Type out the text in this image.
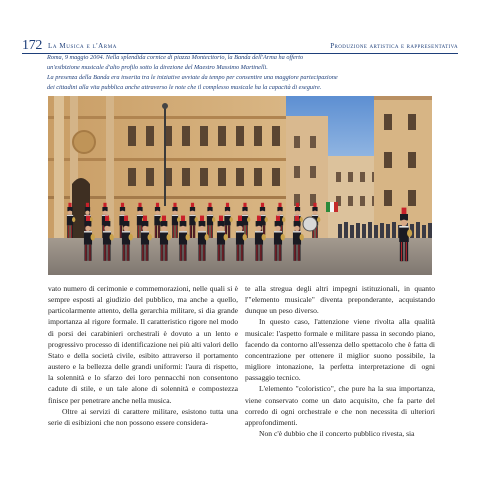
172 La Musica e l'Arma	Produzione artistica e rappresentativa

Roma, 9 maggio 2004. Nella splendida cornice di piazza Montecitorio, la Banda dell'Arma ha offerto

un'esibizione musicale d'alto profilo sotto la direzione del Maestro Massimo Martinelli.

La presenza della Banda era inserita tra le iniziative avviate da tempo per consentire una maggiore partecipazione

dei cittadini alla vita pubblica anche attraverso le note che il complesso musicale ha la capacità di eseguire.

vato numero di cerimonie e commemorazioni, nelle quali si è sempre esposti al giudizio del pubblico, ma anche a quello, particolarmente attento, della gerarchia militare, si dia grande importanza al rigore formale. Il caratteristico rigore nel modo di porsi dei carabinieri orchestrali è dovuto a un lento e progressivo processo di identificazione nei più alti valori dello Stato e della società civile, esibito attraverso il portamento austero e la bellezza delle grandi uniformi: l'aura di rispetto, la solennità e lo sfarzo dei loro pennacchi non consentono cadute di stile, e un tale alone di solennità e compostezza finisce per penetrare anche nella musica.

Oltre ai servizi di carattere militare, esistono tutta una serie di esibizioni che non possono essere considera-

te alla stregua degli altri impegni istituzionali, in quanto l'"elemento musicale" diventa preponderante, acquistando dunque un peso diverso.

In questo caso, l'attenzione viene rivolta alla qualità musicale: l'aspetto formale e militare passa in secondo piano, facendo da contorno all'essenza dello spettacolo che è fatta di concentrazione per ottenere il miglior suono possibile, la migliore intonazione, la perfetta interpretazione di ogni passaggio tecnico.

L'elemento "coloristico", che pure ha la sua importanza, viene conservato come un dato acquisito, che fa parte del corredo di ogni orchestrale e che non necessita di ulteriori approfondimenti.

Non c'è dubbio che il concerto pubblico rivesta, sia
